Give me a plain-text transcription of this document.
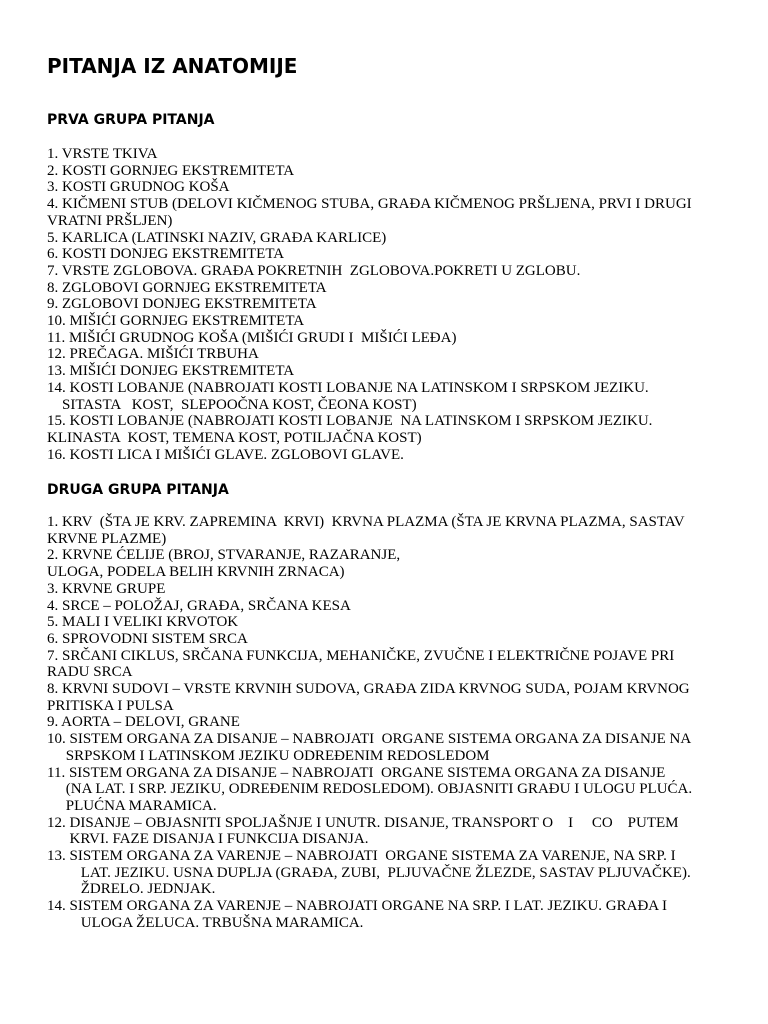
PITANJA IZ ANATOMIJE
PRVA GRUPA PITANJA
1. VRSTE TKIVA
2. KOSTI GORNJEG EKSTREMITETA
3. KOSTI GRUDNOG KOŠA
4. KIČMENI STUB (DELOVI KIČMENOG STUBA, GRAĐA KIČMENOG PRŠLJENA, PRVI I DRUGI
VRATNI PRŠLJEN)
5. KARLICA (LATINSKI NAZIV, GRAĐA KARLICE)
6. KOSTI DONJEG EKSTREMITETA
7. VRSTE ZGLOBOVA. GRAĐA POKRETNIH  ZGLOBOVA.POKRETI U ZGLOBU.
8. ZGLOBOVI GORNJEG EKSTREMITETA
9. ZGLOBOVI DONJEG EKSTREMITETA
10. MIŠIĆI GORNJEG EKSTREMITETA
11. MIŠIĆI GRUDNOG KOŠA (MIŠIĆI GRUDI I  MIŠIĆI LEĐA)
12. PREČAGA. MIŠIĆI TRBUHA
13. MIŠIĆI DONJEG EKSTREMITETA
14. KOSTI LOBANJE (NABROJATI KOSTI LOBANJE NA LATINSKOM I SRPSKOM JEZIKU.
SITASTA   KOST,  SLEPOOČNA KOST, ČEONA KOST)
15. KOSTI LOBANJE (NABROJATI KOSTI LOBANJE  NA LATINSKOM I SRPSKOM JEZIKU.
KLINASTA  KOST, TEMENA KOST, POTILJAČNA KOST)
16. KOSTI LICA I MIŠIĆI GLAVE. ZGLOBOVI GLAVE.
DRUGA GRUPA PITANJA
1. KRV  (ŠTA JE KRV. ZAPREMINA  KRVI)  KRVNA PLAZMA (ŠTA JE KRVNA PLAZMA, SASTAV
KRVNE PLAZME)
2. KRVNE ĆELIJE (BROJ, STVARANJE, RAZARANJE,
ULOGA, PODELA BELIH KRVNIH ZRNACA)
3. KRVNE GRUPE
4. SRCE – POLOŽAJ, GRAĐA, SRČANA KESA
5. MALI I VELIKI KRVOTOK
6. SPROVODNI SISTEM SRCA
7. SRČANI CIKLUS, SRČANA FUNKCIJA, MEHANIČKE, ZVUČNE I ELEKTRIČNE POJAVE PRI
RADU SRCA
8. KRVNI SUDOVI – VRSTE KRVNIH SUDOVA, GRAĐA ZIDA KRVNOG SUDA, POJAM KRVNOG
PRITISKA I PULSA
9. AORTA – DELOVI, GRANE
10. SISTEM ORGANA ZA DISANJE – NABROJATI  ORGANE SISTEMA ORGANA ZA DISANJE NA
SRPSKOM I LATINSKOM JEZIKU ODREĐENIM REDOSLEDOM
11. SISTEM ORGANA ZA DISANJE – NABROJATI  ORGANE SISTEMA ORGANA ZA DISANJE
(NA LAT. I SRP. JEZIKU, ODREĐENIM REDOSLEDOM). OBJASNITI GRAĐU I ULOGU PLUĆA.
PLUĆNA MARAMICA.
12. DISANJE – OBJASNITI SPOLJAŠNJE I UNUTR. DISANJE, TRANSPORT O    I     CO    PUTEM
KRVI. FAZE DISANJA I FUNKCIJA DISANJA.
13. SISTEM ORGANA ZA VARENJE – NABROJATI  ORGANE SISTEMA ZA VARENJE, NA SRP. I
LAT. JEZIKU. USNA DUPLJA (GRAĐA, ZUBI,  PLJUVAČNE ŽLEZDE, SASTAV PLJUVAČKE).
ŽDRELO. JEDNJAK.
14. SISTEM ORGANA ZA VARENJE – NABROJATI ORGANE NA SRP. I LAT. JEZIKU. GRAĐA I
ULOGA ŽELUCA. TRBUŠNA MARAMICA.
